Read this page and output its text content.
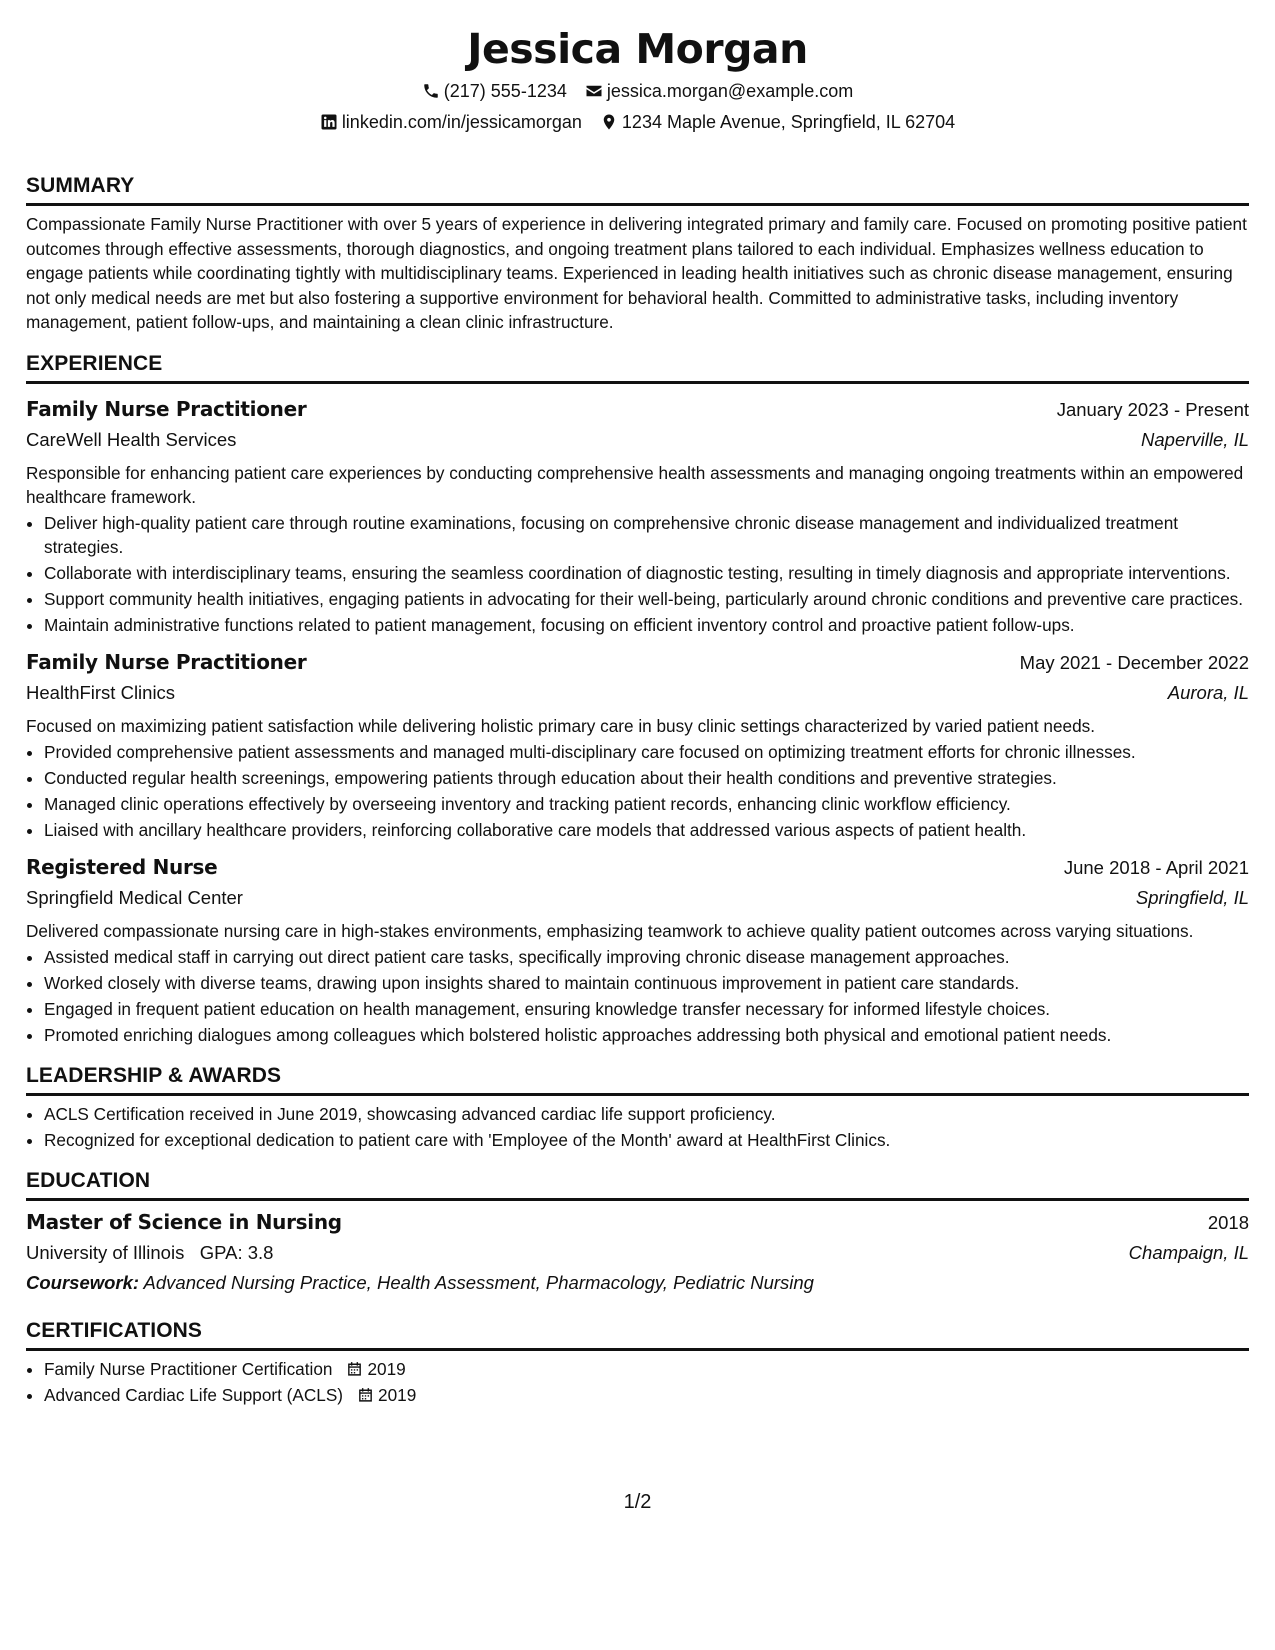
Jessica Morgan
(217) 555-1234 jessica.morgan@example.com
linkedin.com/in/jessicamorgan 1234 Maple Avenue, Springfield, IL 62704
SUMMARY

Compassionate Family Nurse Practitioner with over 5 years of experience in delivering integrated primary and family care. Focused on promoting positive patient outcomes through effective assessments, thorough diagnostics, and ongoing treatment plans tailored to each individual. Emphasizes wellness education to engage patients while coordinating tightly with multidisciplinary teams. Experienced in leading health initiatives such as chronic disease management, ensuring not only medical needs are met but also fostering a supportive environment for behavioral health. Committed to administrative tasks, including inventory management, patient follow-ups, and maintaining a clean clinic infrastructure.

EXPERIENCE
Family Nurse Practitioner	January 2023 - Present
CareWell Health Services	Naperville, IL

Responsible for enhancing patient care experiences by conducting comprehensive health assessments and managing ongoing treatments within an empowered healthcare framework.

• Deliver high-quality patient care through routine examinations, focusing on comprehensive chronic disease management and individualized treatment strategies.
• Collaborate with interdisciplinary teams, ensuring the seamless coordination of diagnostic testing, resulting in timely diagnosis and appropriate interventions.
• Support community health initiatives, engaging patients in advocating for their well-being, particularly around chronic conditions and preventive care practices.
• Maintain administrative functions related to patient management, focusing on efficient inventory control and proactive patient follow-ups.
Family Nurse Practitioner	May 2021 - December 2022
HealthFirst Clinics	Aurora, IL

Focused on maximizing patient satisfaction while delivering holistic primary care in busy clinic settings characterized by varied patient needs.

• Provided comprehensive patient assessments and managed multi-disciplinary care focused on optimizing treatment efforts for chronic illnesses.
• Conducted regular health screenings, empowering patients through education about their health conditions and preventive strategies.
• Managed clinic operations effectively by overseeing inventory and tracking patient records, enhancing clinic workflow efficiency.
• Liaised with ancillary healthcare providers, reinforcing collaborative care models that addressed various aspects of patient health.
Registered Nurse	June 2018 - April 2021
Springfield Medical Center	Springfield, IL

Delivered compassionate nursing care in high-stakes environments, emphasizing teamwork to achieve quality patient outcomes across varying situations.

• Assisted medical staff in carrying out direct patient care tasks, specifically improving chronic disease management approaches.
• Worked closely with diverse teams, drawing upon insights shared to maintain continuous improvement in patient care standards.
• Engaged in frequent patient education on health management, ensuring knowledge transfer necessary for informed lifestyle choices.
• Promoted enriching dialogues among colleagues which bolstered holistic approaches addressing both physical and emotional patient needs.
LEADERSHIP & AWARDS
• ACLS Certification received in June 2019, showcasing advanced cardiac life support proficiency.
• Recognized for exceptional dedication to patient care with 'Employee of the Month' award at HealthFirst Clinics.
EDUCATION
Master of Science in Nursing	2018
University of Illinois GPA: 3.8	Champaign, IL
Coursework: Advanced Nursing Practice, Health Assessment, Pharmacology, Pediatric Nursing
CERTIFICATIONS
• Family Nurse Practitioner Certification 2019
• Advanced Cardiac Life Support (ACLS) 2019
1/2
